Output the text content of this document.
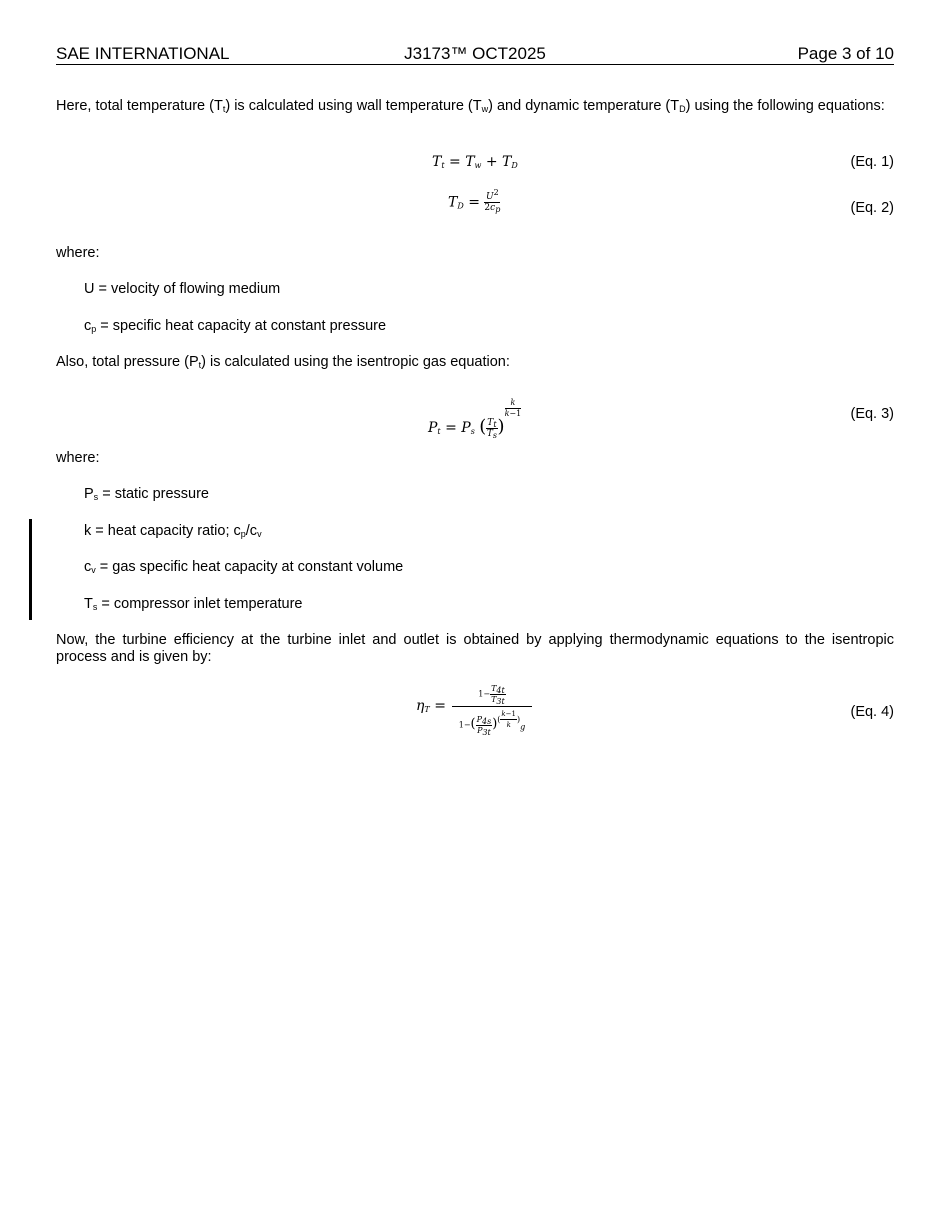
J3173™ OCT2025
SAE INTERNATIONAL	Page 3 of 10
Here, total temperature $(T_t)$ is calculated using wall temperature $(T_w)$ and dynamic temperature $(T_D)$ using the following equations:
$T_t = T_w + T_D$	(Eq. 1)
$T_D = \frac{U^2}{2c_p}$	(Eq. 2)
where:
U = velocity of flowing medium
$c_p$ = specific heat capacity at constant pressure
Also, total pressure $(P_t)$ is calculated using the isentropic gas equation:
$P_t = P_s$ ( $\frac{T_t}{T_s}$ )
$\frac{k}{k-1}$	(Eq. 3)
where:
$P_s$ = static pressure
k = heat capacity ratio; $c_p/c_v$
$c_v$ = gas specific heat capacity at constant volume
$T_s$ = compressor inlet temperature
Now, the turbine efficiency at the turbine inlet and outlet is obtained by applying thermodynamic equations to the isentropic process and is given by:
$\eta_T$ =
$1- \frac{T_{4t}}{T_{3t}}$
$1-( \frac{P_{4s}}{P_{3t}}$ )( $\frac{k-1}{k} )_g$
(Eq. 4)
